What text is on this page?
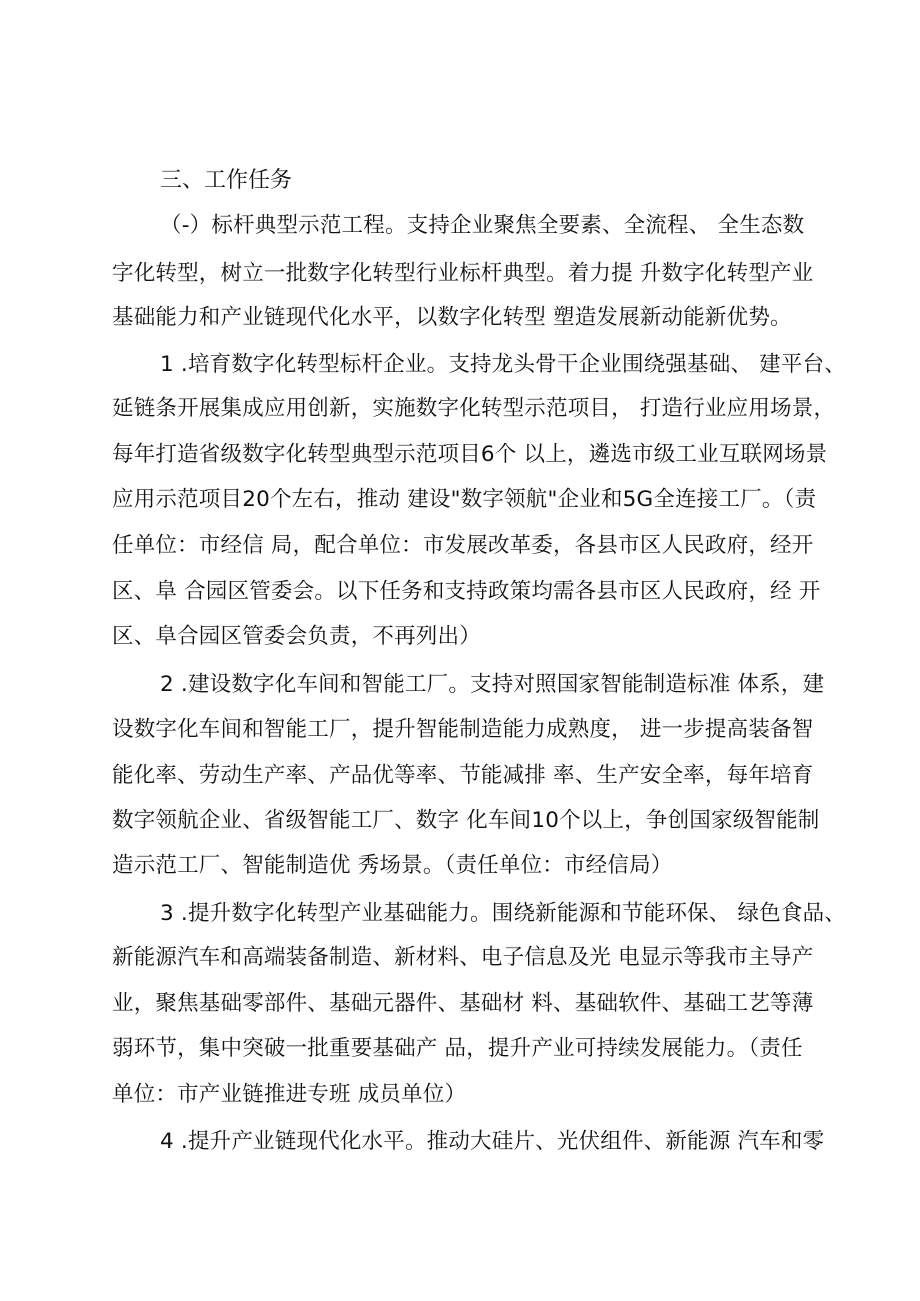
三、工作任务
（-）标杆典型示范工程。支持企业聚焦全要素、全流程、 全生态数
字化转型，树立一批数字化转型行业标杆典型。着力提 升数字化转型产业
基础能力和产业链现代化水平，以数字化转型 塑造发展新动能新优势。
1 .培育数字化转型标杆企业。支持龙头骨干企业围绕强基础、 建平台、
延链条开展集成应用创新，实施数字化转型示范项目， 打造行业应用场景，
每年打造省级数字化转型典型示范项目6个 以上，遴选市级工业互联网场景
应用示范项目20个左右，推动 建设"数字领航"企业和5G全连接工厂。（责
任单位：市经信 局，配合单位：市发展改革委，各县市区人民政府，经开
区、阜 合园区管委会。以下任务和支持政策均需各县市区人民政府，经 开
区、阜合园区管委会负责，不再列出）
2 .建设数字化车间和智能工厂。支持对照国家智能制造标准 体系，建
设数字化车间和智能工厂，提升智能制造能力成熟度， 进一步提高装备智
能化率、劳动生产率、产品优等率、节能减排 率、生产安全率，每年培育
数字领航企业、省级智能工厂、数字 化车间10个以上，争创国家级智能制
造示范工厂、智能制造优 秀场景。（责任单位：市经信局）
3 .提升数字化转型产业基础能力。围绕新能源和节能环保、 绿色食品、
新能源汽车和高端装备制造、新材料、电子信息及光 电显示等我市主导产
业，聚焦基础零部件、基础元器件、基础材 料、基础软件、基础工艺等薄
弱环节，集中突破一批重要基础产 品，提升产业可持续发展能力。（责任
单位：市产业链推进专班 成员单位）
4 .提升产业链现代化水平。推动大硅片、光伏组件、新能源 汽车和零
